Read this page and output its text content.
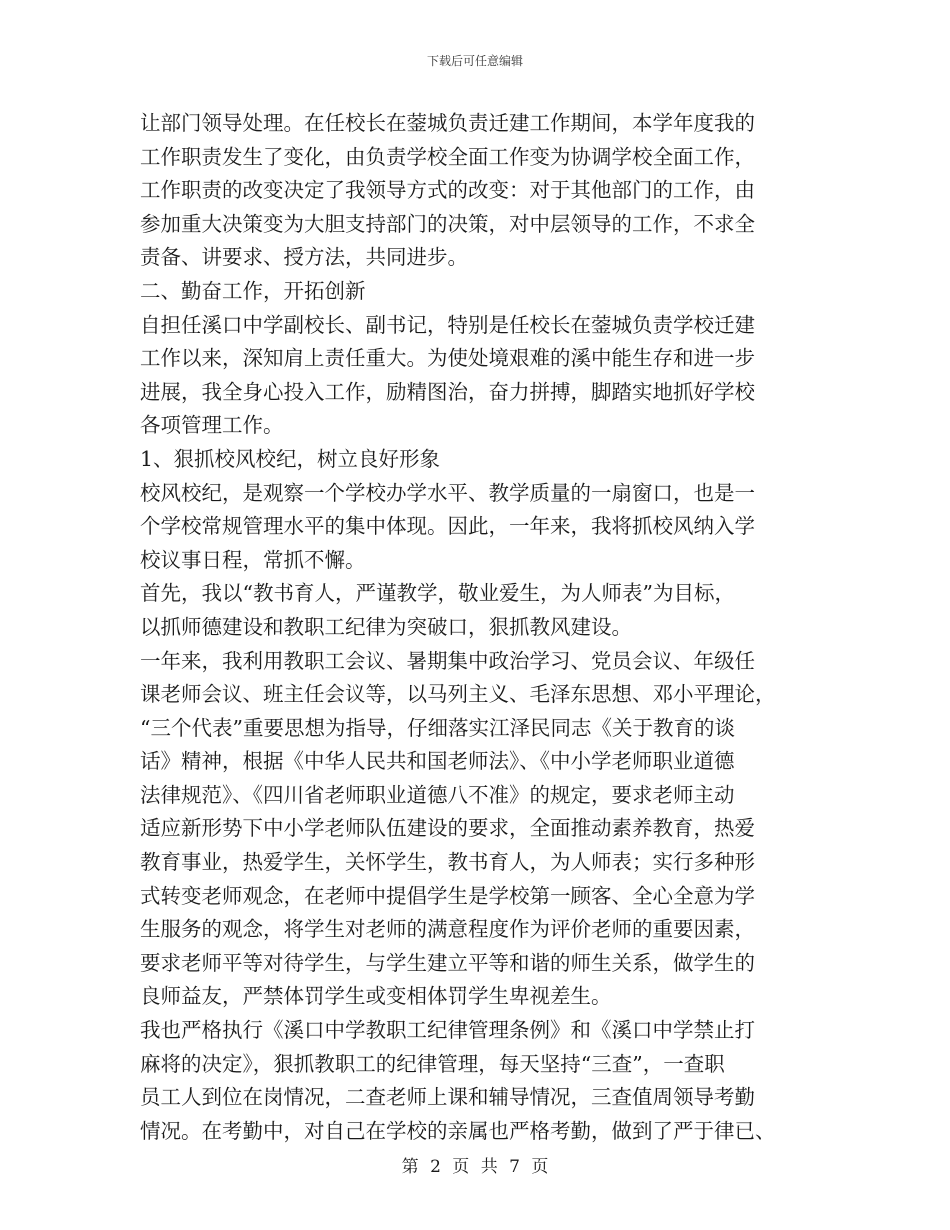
下载后可任意编辑
让部门领导处理。在任校长在蓥城负责迁建工作期间，本学年度我的
工作职责发生了变化，由负责学校全面工作变为协调学校全面工作，
工作职责的改变决定了我领导方式的改变：对于其他部门的工作，由
参加重大决策变为大胆支持部门的决策，对中层领导的工作，不求全
责备、讲要求、授方法，共同进步。
二、勤奋工作，开拓创新
自担任溪口中学副校长、副书记，特别是任校长在蓥城负责学校迁建
工作以来，深知肩上责任重大。为使处境艰难的溪中能生存和进一步
进展，我全身心投入工作，励精图治，奋力拼搏，脚踏实地抓好学校
各项管理工作。
1、狠抓校风校纪，树立良好形象
校风校纪，是观察一个学校办学水平、教学质量的一扇窗口，也是一
个学校常规管理水平的集中体现。因此，一年来，我将抓校风纳入学
校议事日程，常抓不懈。
首先，我以“教书育人，严谨教学，敬业爱生，为人师表”为目标，
以抓师德建设和教职工纪律为突破口，狠抓教风建设。
一年来，我利用教职工会议、暑期集中政治学习、党员会议、年级任
课老师会议、班主任会议等，以马列主义、毛泽东思想、邓小平理论，
“三个代表”重要思想为指导，仔细落实江泽民同志《关于教育的谈
话》精神，根据《中华人民共和国老师法》、《中小学老师职业道德
法律规范》、《四川省老师职业道德八不准》的规定，要求老师主动
适应新形势下中小学老师队伍建设的要求，全面推动素养教育，热爱
教育事业，热爱学生，关怀学生，教书育人，为人师表；实行多种形
式转变老师观念，在老师中提倡学生是学校第一顾客、全心全意为学
生服务的观念，将学生对老师的满意程度作为评价老师的重要因素，
要求老师平等对待学生，与学生建立平等和谐的师生关系，做学生的
良师益友，严禁体罚学生或变相体罚学生卑视差生。
我也严格执行《溪口中学教职工纪律管理条例》和《溪口中学禁止打
麻将的决定》，狠抓教职工的纪律管理，每天坚持“三查”，一查职
员工人到位在岗情况，二查老师上课和辅导情况，三查值周领导考勤
情况。在考勤中，对自己在学校的亲属也严格考勤，做到了严于律已、
第 2 页 共 7 页
